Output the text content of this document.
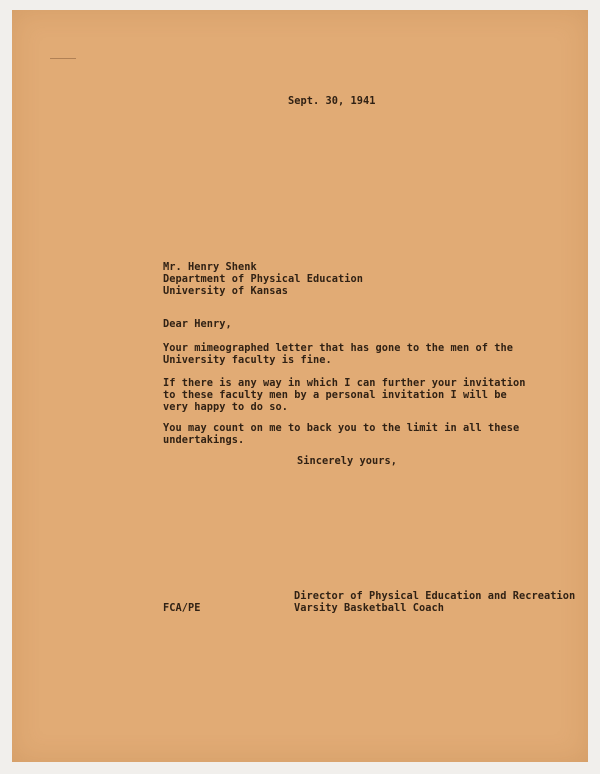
Sept. 30, 1941
Mr. Henry Shenk
Department of Physical Education
University of Kansas
Dear Henry,
Your mimeographed letter that has gone to the men of the
University faculty is fine.
If there is any way in which I can further your invitation
to these faculty men by a personal invitation I will be
very happy to do so.
You may count on me to back you to the limit in all these
undertakings.
Sincerely yours,
Director of Physical Education and Recreation
Varsity Basketball Coach
FCA/PE
